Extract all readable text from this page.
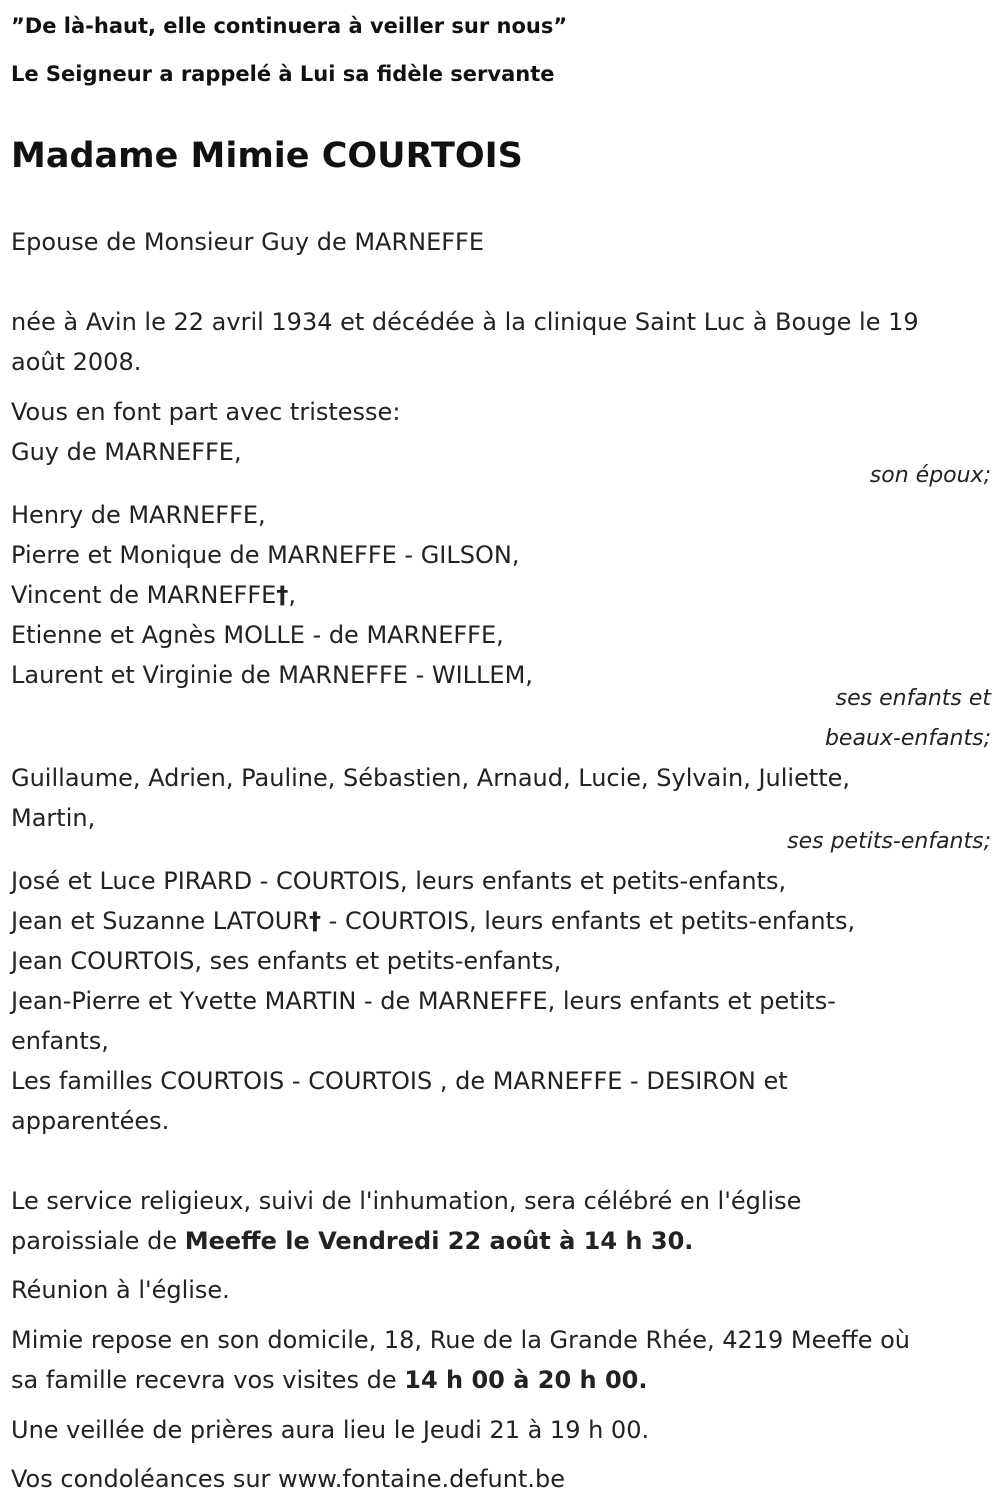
”De là-haut, elle continuera à veiller sur nous”
Le Seigneur a rappelé à Lui sa fidèle servante
Madame Mimie COURTOIS
Epouse de Monsieur Guy de MARNEFFE
née à Avin le 22 avril 1934 et décédée à la clinique Saint Luc à Bouge le 19
août 2008.
Vous en font part avec tristesse:
Guy de MARNEFFE,
son époux;
Henry de MARNEFFE,
Pierre et Monique de MARNEFFE - GILSON,
Vincent de MARNEFFE†,
Etienne et Agnès MOLLE - de MARNEFFE,
Laurent et Virginie de MARNEFFE - WILLEM,
ses enfants et
beaux-enfants;
Guillaume, Adrien, Pauline, Sébastien, Arnaud, Lucie, Sylvain, Juliette,
Martin,
ses petits-enfants;
José et Luce PIRARD - COURTOIS, leurs enfants et petits-enfants,
Jean et Suzanne LATOUR† - COURTOIS, leurs enfants et petits-enfants,
Jean COURTOIS, ses enfants et petits-enfants,
Jean-Pierre et Yvette MARTIN - de MARNEFFE, leurs enfants et petits-
enfants,
Les familles COURTOIS - COURTOIS , de MARNEFFE - DESIRON et
apparentées.
Le service religieux, suivi de l'inhumation, sera célébré en l'église
paroissiale de Meeffe le Vendredi 22 août à 14 h 30.
Réunion à l'église.
Mimie repose en son domicile, 18, Rue de la Grande Rhée, 4219 Meeffe où
sa famille recevra vos visites de 14 h 00 à 20 h 00.
Une veillée de prières aura lieu le Jeudi 21 à 19 h 00.
Vos condoléances sur www.fontaine.defunt.be
